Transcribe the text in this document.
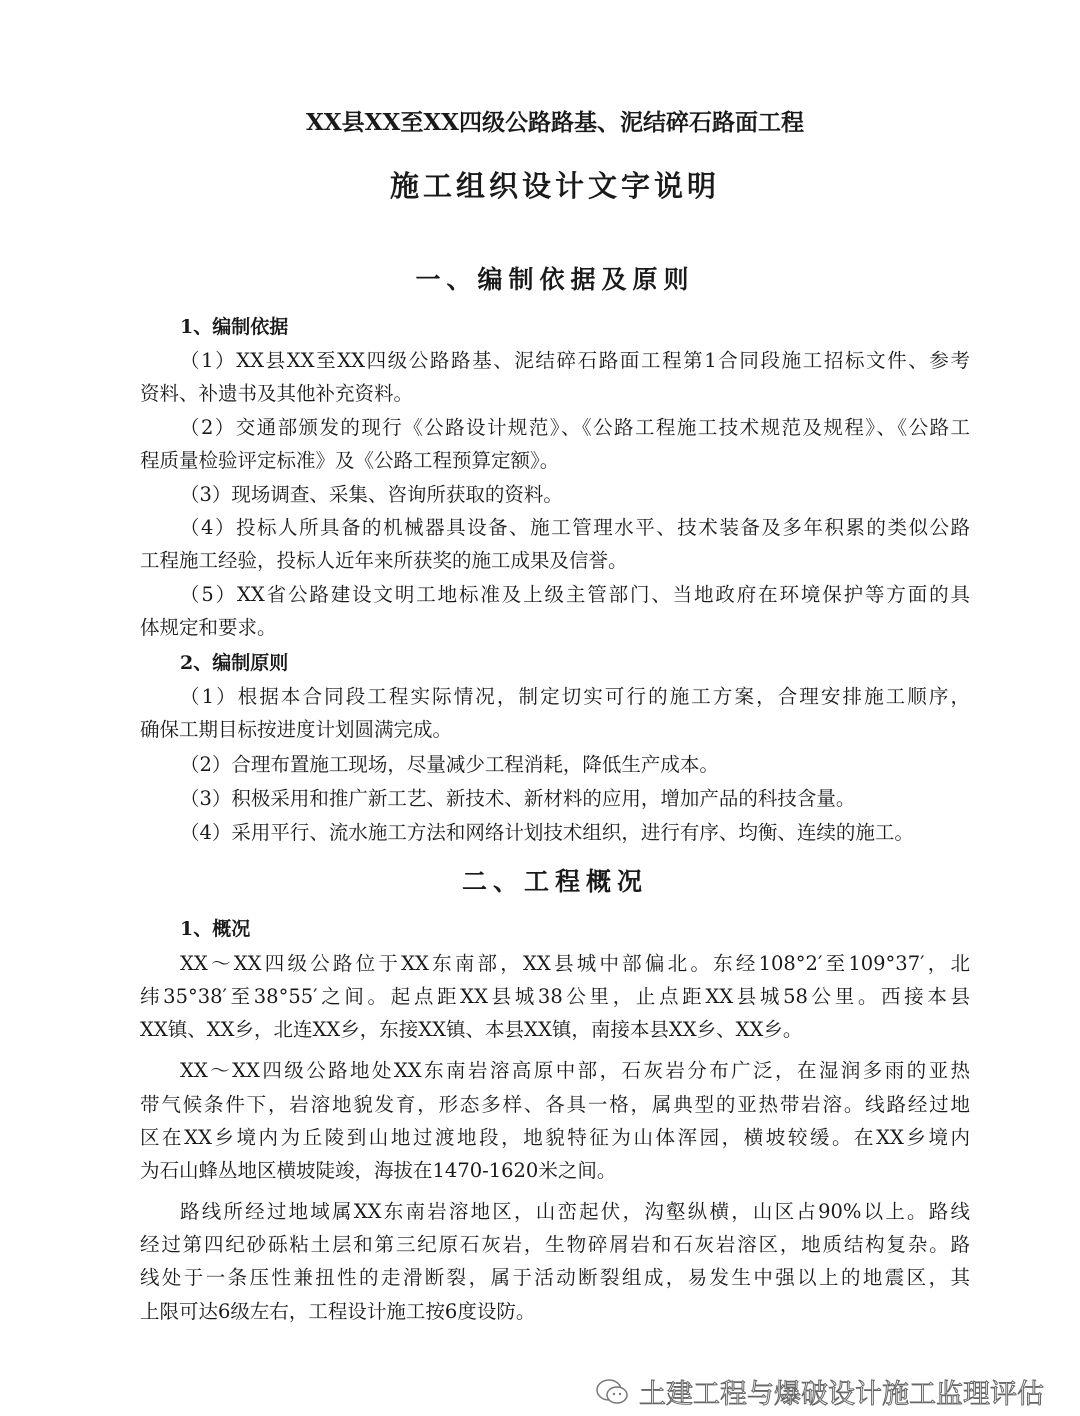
XX县XX至XX四级公路路基、泥结碎石路面工程
施工组织设计文字说明
一、编制依据及原则
1、编制依据
（1）XX县XX至XX四级公路路基、泥结碎石路面工程第1合同段施工招标文件、参考
资料、补遗书及其他补充资料。
（2）交通部颁发的现行《公路设计规范》、《公路工程施工技术规范及规程》、《公路工
程质量检验评定标准》及《公路工程预算定额》。
（3）现场调查、采集、咨询所获取的资料。
（4）投标人所具备的机械器具设备、施工管理水平、技术装备及多年积累的类似公路
工程施工经验，投标人近年来所获奖的施工成果及信誉。
（5）XX省公路建设文明工地标准及上级主管部门、当地政府在环境保护等方面的具
体规定和要求。
2、编制原则
（1）根据本合同段工程实际情况，制定切实可行的施工方案，合理安排施工顺序，
确保工期目标按进度计划圆满完成。
（2）合理布置施工现场，尽量减少工程消耗，降低生产成本。
（3）积极采用和推广新工艺、新技术、新材料的应用，增加产品的科技含量。
（4）采用平行、流水施工方法和网络计划技术组织，进行有序、均衡、连续的施工。
二、工程概况
1、概况
XX～XX四级公路位于XX东南部，XX县城中部偏北。东经108°2′至109°37′，北
纬35°38′至38°55′之间。起点距XX县城38公里，止点距XX县城58公里。西接本县
XX镇、XX乡，北连XX乡，东接XX镇、本县XX镇，南接本县XX乡、XX乡。
XX～XX四级公路地处XX东南岩溶高原中部，石灰岩分布广泛，在湿润多雨的亚热
带气候条件下，岩溶地貌发育，形态多样、各具一格，属典型的亚热带岩溶。线路经过地
区在XX乡境内为丘陵到山地过渡地段，地貌特征为山体浑园，横坡较缓。在XX乡境内
为石山蜂丛地区横坡陡竣，海拔在1470-1620米之间。
路线所经过地域属XX东南岩溶地区，山峦起伏，沟壑纵横，山区占90%以上。路线
经过第四纪砂砾粘土层和第三纪原石灰岩，生物碎屑岩和石灰岩溶区，地质结构复杂。路
线处于一条压性兼扭性的走滑断裂，属于活动断裂组成，易发生中强以上的地震区，其
上限可达6级左右，工程设计施工按6度设防。
土建工程与爆破设计施工监理评估
